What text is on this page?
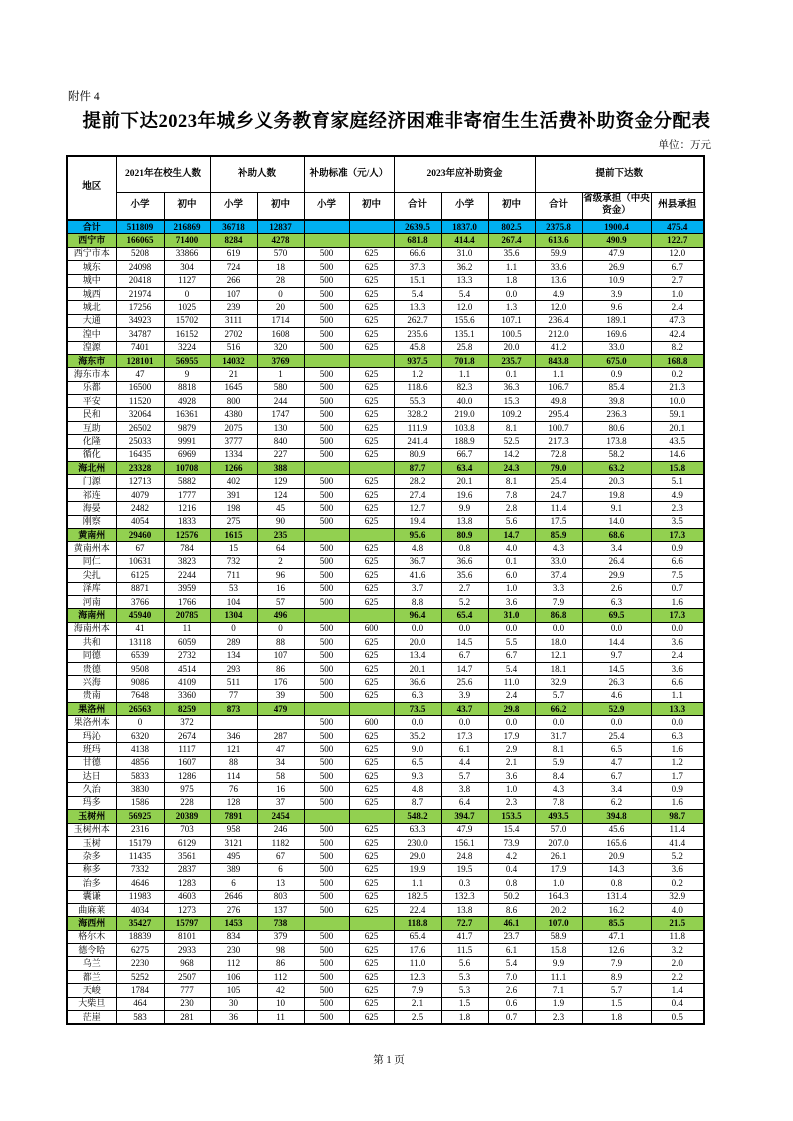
附件 4
提前下达2023年城乡义务教育家庭经济困难非寄宿生生活费补助资金分配表
单位：万元
地区	2021年在校生人数		补助人数		补助标准（元/人）		2023年应补助资金			提前下达数		
	小学	初中	小学	初中	小学	初中	合计	小学	初中	合计	省级承担（中央资金）	州县承担
合计	511809	216869	36718	12837			2639.5	1837.0	802.5	2375.8	1900.4	475.4
西宁市	166065	71400	8284	4278			681.8	414.4	267.4	613.6	490.9	122.7
西宁市本	5208	33866	619	570	500	625	66.6	31.0	35.6	59.9	47.9	12.0
城东	24098	304	724	18	500	625	37.3	36.2	1.1	33.6	26.9	6.7
城中	20418	1127	266	28	500	625	15.1	13.3	1.8	13.6	10.9	2.7
城西	21974	0	107	0	500	625	5.4	5.4	0.0	4.9	3.9	1.0
城北	17256	1025	239	20	500	625	13.3	12.0	1.3	12.0	9.6	2.4
大通	34923	15702	3111	1714	500	625	262.7	155.6	107.1	236.4	189.1	47.3
湟中	34787	16152	2702	1608	500	625	235.6	135.1	100.5	212.0	169.6	42.4
湟源	7401	3224	516	320	500	625	45.8	25.8	20.0	41.2	33.0	8.2
海东市	128101	56955	14032	3769			937.5	701.8	235.7	843.8	675.0	168.8
海东市本	47	9	21	1	500	625	1.2	1.1	0.1	1.1	0.9	0.2
乐都	16500	8818	1645	580	500	625	118.6	82.3	36.3	106.7	85.4	21.3
平安	11520	4928	800	244	500	625	55.3	40.0	15.3	49.8	39.8	10.0
民和	32064	16361	4380	1747	500	625	328.2	219.0	109.2	295.4	236.3	59.1
互助	26502	9879	2075	130	500	625	111.9	103.8	8.1	100.7	80.6	20.1
化隆	25033	9991	3777	840	500	625	241.4	188.9	52.5	217.3	173.8	43.5
循化	16435	6969	1334	227	500	625	80.9	66.7	14.2	72.8	58.2	14.6
海北州	23328	10708	1266	388			87.7	63.4	24.3	79.0	63.2	15.8
门源	12713	5882	402	129	500	625	28.2	20.1	8.1	25.4	20.3	5.1
祁连	4079	1777	391	124	500	625	27.4	19.6	7.8	24.7	19.8	4.9
海晏	2482	1216	198	45	500	625	12.7	9.9	2.8	11.4	9.1	2.3
刚察	4054	1833	275	90	500	625	19.4	13.8	5.6	17.5	14.0	3.5
黄南州	29460	12576	1615	235			95.6	80.9	14.7	85.9	68.6	17.3
黄南州本	67	784	15	64	500	625	4.8	0.8	4.0	4.3	3.4	0.9
同仁	10631	3823	732	2	500	625	36.7	36.6	0.1	33.0	26.4	6.6
尖扎	6125	2244	711	96	500	625	41.6	35.6	6.0	37.4	29.9	7.5
泽库	8871	3959	53	16	500	625	3.7	2.7	1.0	3.3	2.6	0.7
河南	3766	1766	104	57	500	625	8.8	5.2	3.6	7.9	6.3	1.6
海南州	45940	20785	1304	496			96.4	65.4	31.0	86.8	69.5	17.3
海南州本	41	11	0	0	500	600	0.0	0.0	0.0	0.0	0.0	0.0
共和	13118	6059	289	88	500	625	20.0	14.5	5.5	18.0	14.4	3.6
同德	6539	2732	134	107	500	625	13.4	6.7	6.7	12.1	9.7	2.4
贵德	9508	4514	293	86	500	625	20.1	14.7	5.4	18.1	14.5	3.6
兴海	9086	4109	511	176	500	625	36.6	25.6	11.0	32.9	26.3	6.6
贵南	7648	3360	77	39	500	625	6.3	3.9	2.4	5.7	4.6	1.1
果洛州	26563	8259	873	479			73.5	43.7	29.8	66.2	52.9	13.3
果洛州本	0	372			500	600	0.0	0.0	0.0	0.0	0.0	0.0
玛沁	6320	2674	346	287	500	625	35.2	17.3	17.9	31.7	25.4	6.3
班玛	4138	1117	121	47	500	625	9.0	6.1	2.9	8.1	6.5	1.6
甘德	4856	1607	88	34	500	625	6.5	4.4	2.1	5.9	4.7	1.2
达日	5833	1286	114	58	500	625	9.3	5.7	3.6	8.4	6.7	1.7
久治	3830	975	76	16	500	625	4.8	3.8	1.0	4.3	3.4	0.9
玛多	1586	228	128	37	500	625	8.7	6.4	2.3	7.8	6.2	1.6
玉树州	56925	20389	7891	2454			548.2	394.7	153.5	493.5	394.8	98.7
玉树州本	2316	703	958	246	500	625	63.3	47.9	15.4	57.0	45.6	11.4
玉树	15179	6129	3121	1182	500	625	230.0	156.1	73.9	207.0	165.6	41.4
杂多	11435	3561	495	67	500	625	29.0	24.8	4.2	26.1	20.9	5.2
称多	7332	2837	389	6	500	625	19.9	19.5	0.4	17.9	14.3	3.6
治多	4646	1283	6	13	500	625	1.1	0.3	0.8	1.0	0.8	0.2
囊谦	11983	4603	2646	803	500	625	182.5	132.3	50.2	164.3	131.4	32.9
曲麻莱	4034	1273	276	137	500	625	22.4	13.8	8.6	20.2	16.2	4.0
海西州	35427	15797	1453	738			118.8	72.7	46.1	107.0	85.5	21.5
格尔木	18839	8101	834	379	500	625	65.4	41.7	23.7	58.9	47.1	11.8
德令哈	6275	2933	230	98	500	625	17.6	11.5	6.1	15.8	12.6	3.2
乌兰	2230	968	112	86	500	625	11.0	5.6	5.4	9.9	7.9	2.0
都兰	5252	2507	106	112	500	625	12.3	5.3	7.0	11.1	8.9	2.2
天峻	1784	777	105	42	500	625	7.9	5.3	2.6	7.1	5.7	1.4
大柴旦	464	230	30	10	500	625	2.1	1.5	0.6	1.9	1.5	0.4
茫崖	583	281	36	11	500	625	2.5	1.8	0.7	2.3	1.8	0.5
第 1 页
